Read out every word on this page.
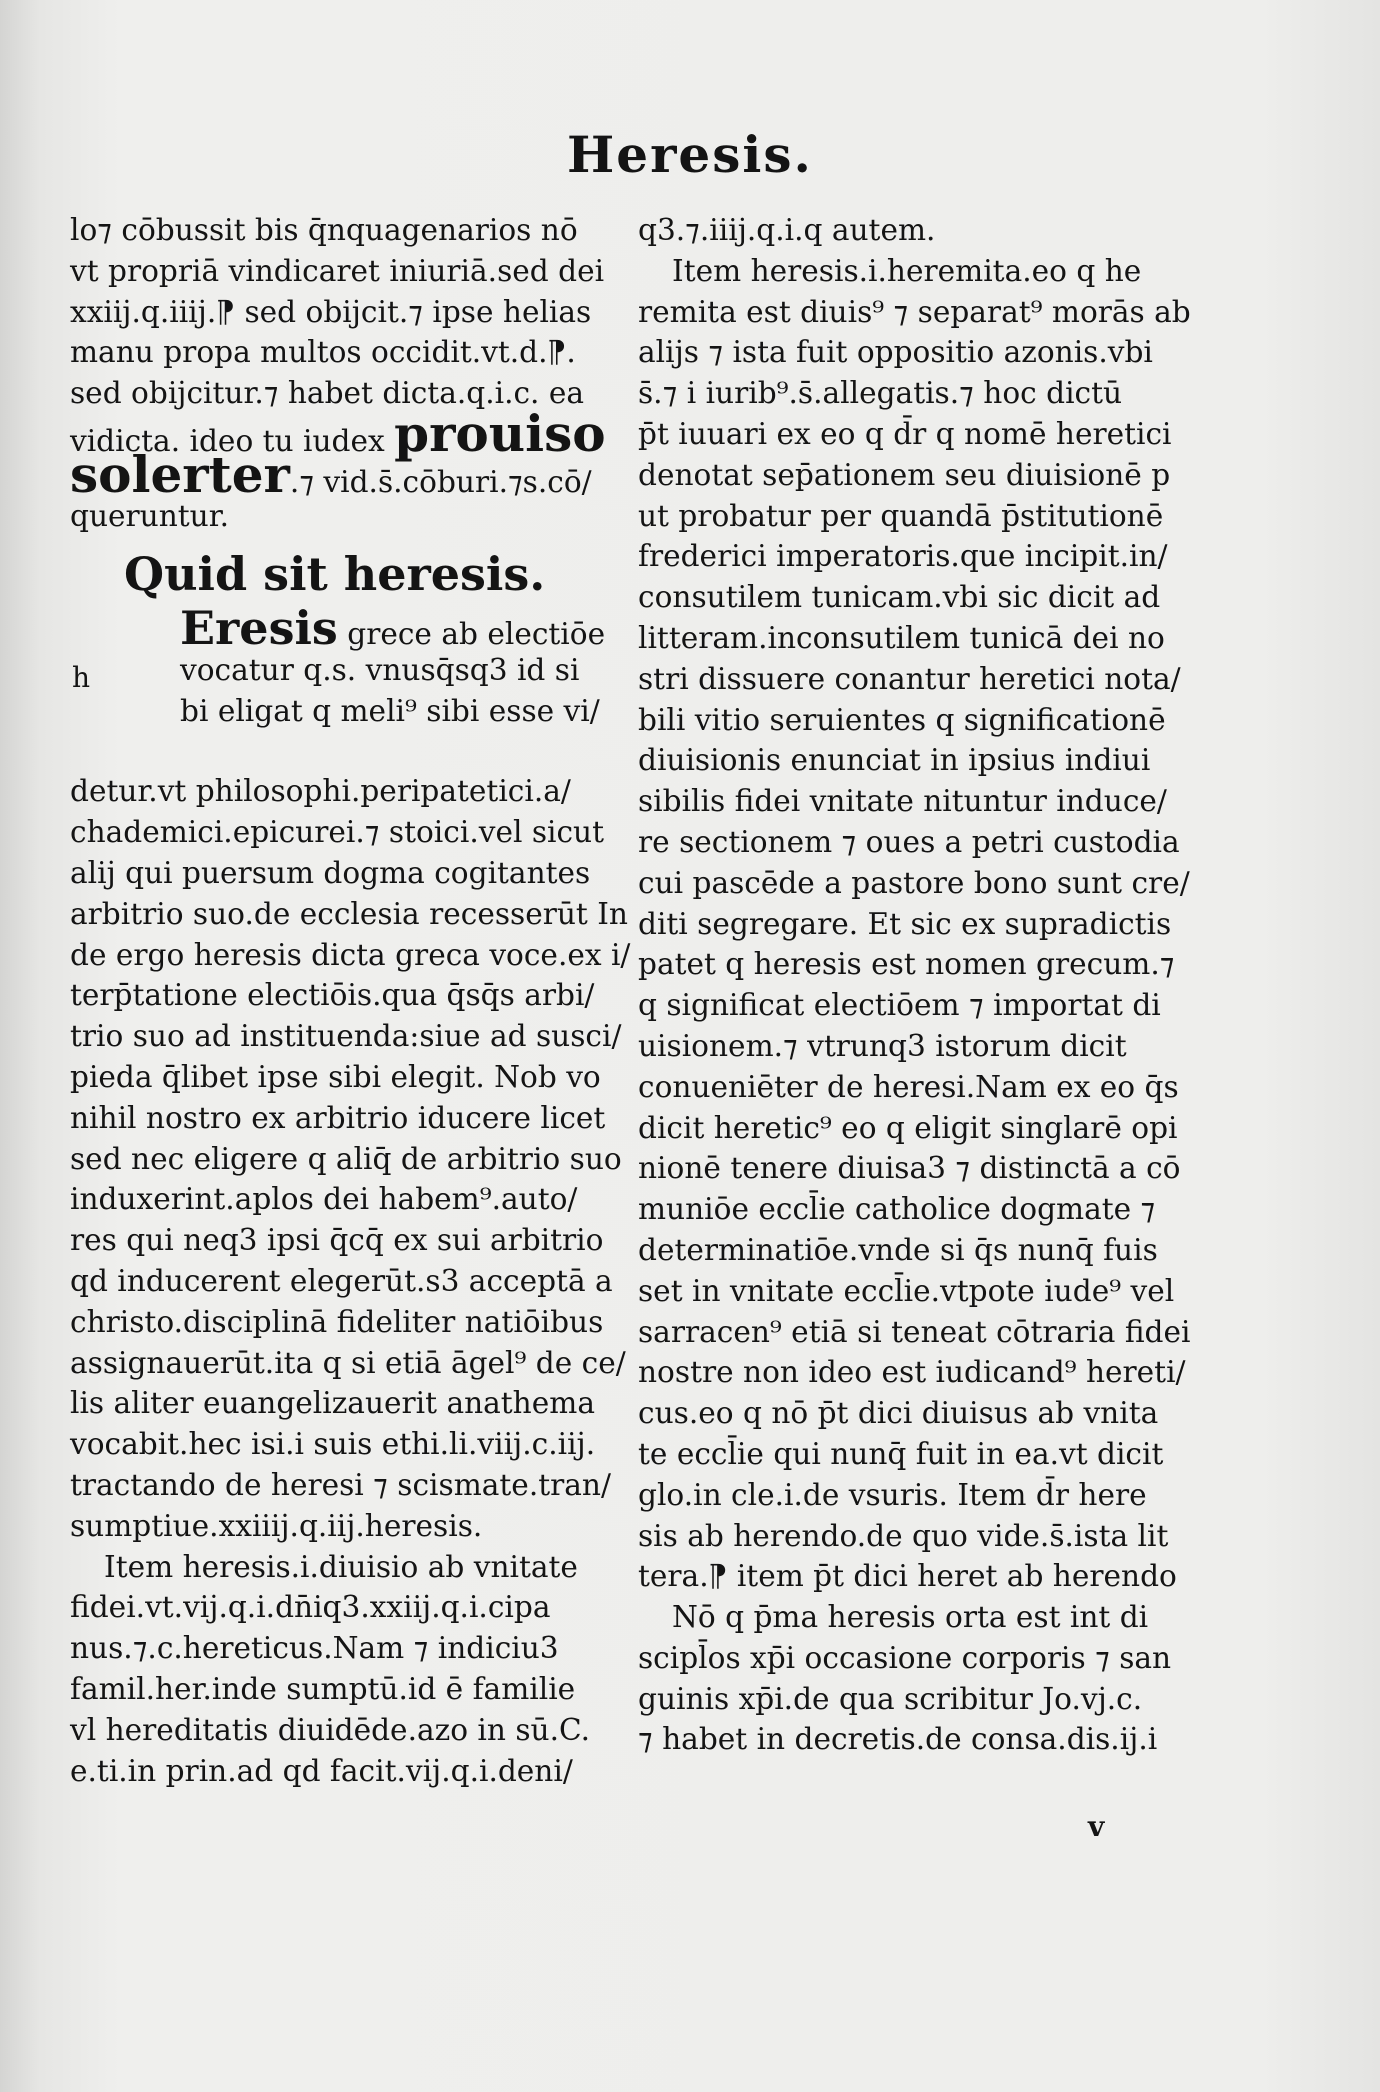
Heresis.
lo⁊ cōbussit bis q̄nquagenarios nō
vt propriā vindicaret iniuriā.sed dei
xxiij.q.iiij.⁋ sed obijcit.⁊ ipse helias
manu propa multos occidit.vt.d.⁋.
sed obijcitur.⁊ habet dicta.q.i.c. ea
vidicta. ideo tu iudex prouiso
solerter.⁊ vid.s̄.cōburi.⁊s.cō/
queruntur.
Quid sit heresis.
Eresis grece ab electiōe
h	vocatur q.s. vnusq̄sq3 id si
bi eligat q meli⁹ sibi esse vi/
detur.vt philosophi.peripatetici.a/
chademici.epicurei.⁊ stoici.vel sicut
alij qui puersum dogma cogitantes
arbitrio suo.de ecclesia recesserūt In
de ergo heresis dicta greca voce.ex i/
terp̄tatione electiōis.qua q̄sq̄s arbi/
trio suo ad instituenda:siue ad susci/
pieda q̄libet ipse sibi elegit. Nob vo
nihil nostro ex arbitrio iducere licet
sed nec eligere q aliq̄ de arbitrio suo
induxerint.aplos dei habem⁹.auto/
res qui neq3 ipsi q̄cq̄ ex sui arbitrio
qd inducerent elegerūt.s3 acceptā a
christo.disciplinā fideliter natiōibus
assignauerūt.ita q si etiā āgel⁹ de ce/
lis aliter euangelizauerit anathema
vocabit.hec isi.i suis ethi.li.viij.c.iij.
tractando de heresi ⁊ scismate.tran/
sumptiue.xxiiij.q.iij.heresis.
Item heresis.i.diuisio ab vnitate
fidei.vt.vij.q.i.dn̄iq3.xxiij.q.i.cipa
nus.⁊.c.hereticus.Nam ⁊ indiciu3
famil.her.inde sumptū.id ē familie
vl hereditatis diuidēde.azo in sū.C.
e.ti.in prin.ad qd facit.vij.q.i.deni/
q3.⁊.iiij.q.i.q autem.
Item heresis.i.heremita.eo q he
remita est diuis⁹ ⁊ separat⁹ morās ab
alijs ⁊ ista fuit oppositio azonis.vbi
s̄.⁊ i iurib⁹.s̄.allegatis.⁊ hoc dictū
p̄t iuuari ex eo q d̄r q nomē heretici
denotat sep̄ationem seu diuisionē p
ut probatur per quandā p̄stitutionē
frederici imperatoris.que incipit.in/
consutilem tunicam.vbi sic dicit ad
litteram.inconsutilem tunicā dei no
stri dissuere conantur heretici nota/
bili vitio seruientes q significationē
diuisionis enunciat in ipsius indiui
sibilis fidei vnitate nituntur induce/
re sectionem ⁊ oues a petri custodia
cui pascēde a pastore bono sunt cre/
diti segregare. Et sic ex supradictis
patet q heresis est nomen grecum.⁊
q significat electiōem ⁊ importat di
uisionem.⁊ vtrunq3 istorum dicit
conueniēter de heresi.Nam ex eo q̄s
dicit heretic⁹ eo q eligit singlarē opi
nionē tenere diuisa3 ⁊ distinctā a cō
muniōe eccl̄ie catholice dogmate ⁊
determinatiōe.vnde si q̄s nunq̄ fuis
set in vnitate eccl̄ie.vtpote iude⁹ vel
sarracen⁹ etiā si teneat cōtraria fidei
nostre non ideo est iudicand⁹ hereti/
cus.eo q nō p̄t dici diuisus ab vnita
te eccl̄ie qui nunq̄ fuit in ea.vt dicit
glo.in cle.i.de vsuris. Item d̄r here
sis ab herendo.de quo vide.s̄.ista lit
tera.⁋ item p̄t dici heret ab herendo
Nō q p̄ma heresis orta est int di
scipl̄os xp̄i occasione corporis ⁊ san
guinis xp̄i.de qua scribitur Jo.vj.c.
⁊ habet in decretis.de consa.dis.ij.i
v
